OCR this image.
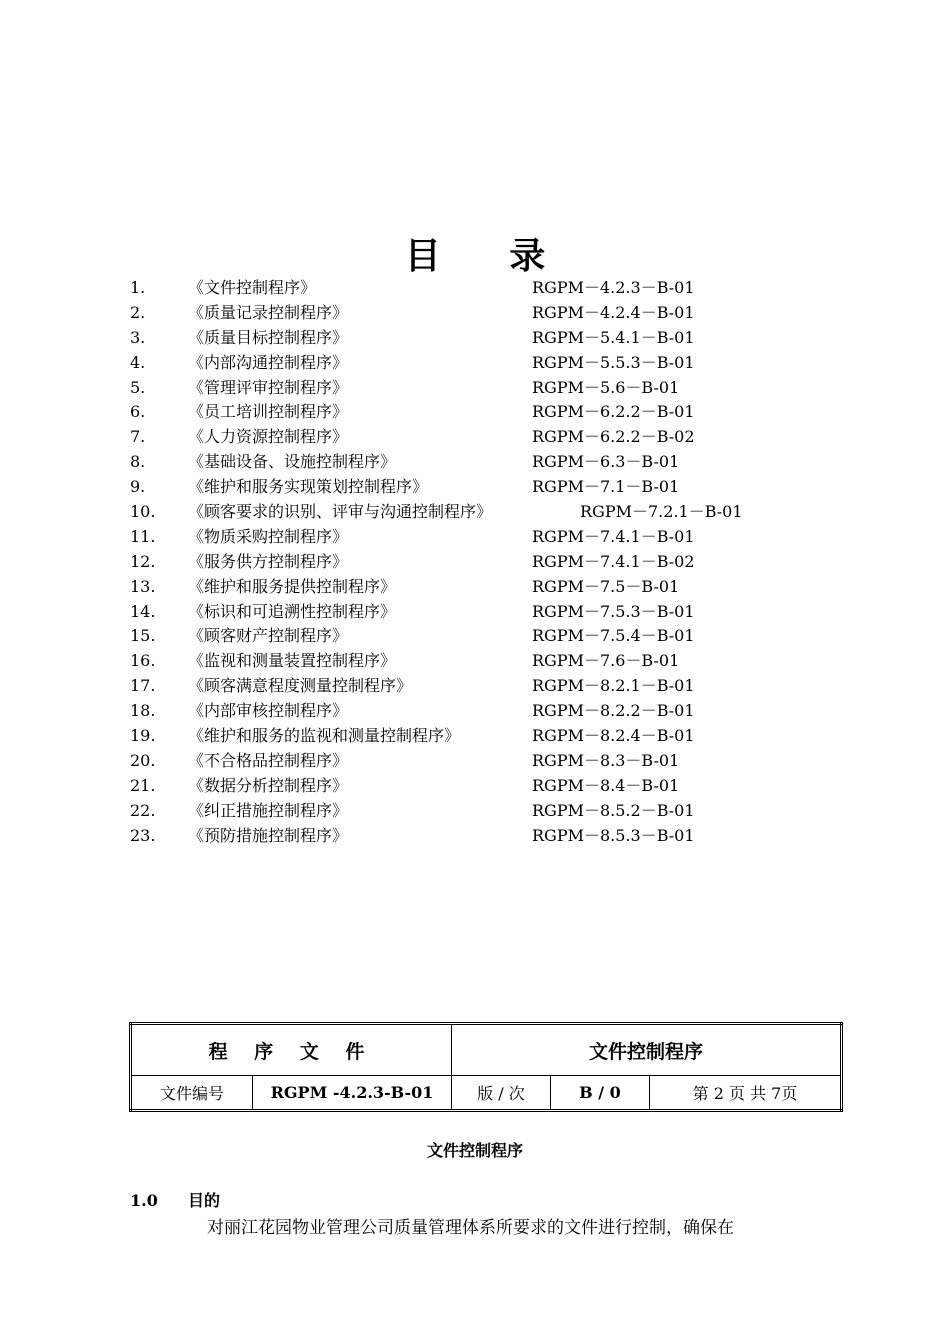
目 录
1.	《文件控制程序》	RGPM－4.2.3－B-01
2.	《质量记录控制程序》	RGPM－4.2.4－B-01
3.	《质量目标控制程序》	RGPM－5.4.1－B-01
4.	《内部沟通控制程序》	RGPM－5.5.3－B-01
5.	《管理评审控制程序》	RGPM－5.6－B-01
6.	《员工培训控制程序》	RGPM－6.2.2－B-01
7.	《人力资源控制程序》	RGPM－6.2.2－B-02
8.	《基础设备、设施控制程序》	RGPM－6.3－B-01
9.	《维护和服务实现策划控制程序》	RGPM－7.1－B-01
10. 《顾客要求的识别、评审与沟通控制程序》	RGPM－7.2.1－B-01
11. 《物质采购控制程序》	RGPM－7.4.1－B-01
12. 《服务供方控制程序》	RGPM－7.4.1－B-02
13. 《维护和服务提供控制程序》	RGPM－7.5－B-01
14. 《标识和可追溯性控制程序》	RGPM－7.5.3－B-01
15. 《顾客财产控制程序》	RGPM－7.5.4－B-01
16. 《监视和测量装置控制程序》	RGPM－7.6－B-01
17. 《顾客满意程度测量控制程序》	RGPM－8.2.1－B-01
18. 《内部审核控制程序》	RGPM－8.2.2－B-01
19. 《维护和服务的监视和测量控制程序》	RGPM－8.2.4－B-01
20. 《不合格品控制程序》	RGPM－8.3－B-01
21. 《数据分析控制程序》	RGPM－8.4－B-01
22. 《纠正措施控制程序》	RGPM－8.5.2－B-01
23. 《预防措施控制程序》	RGPM－8.5.3－B-01
程 序 文 件		文件控制程序		
文件编号	RGPM -4.2.3-B-01	版 / 次	B / 0	第 2 页 共 7页
文件控制程序
1.0 目的
对丽江花园物业管理公司质量管理体系所要求的文件进行控制，确保在
